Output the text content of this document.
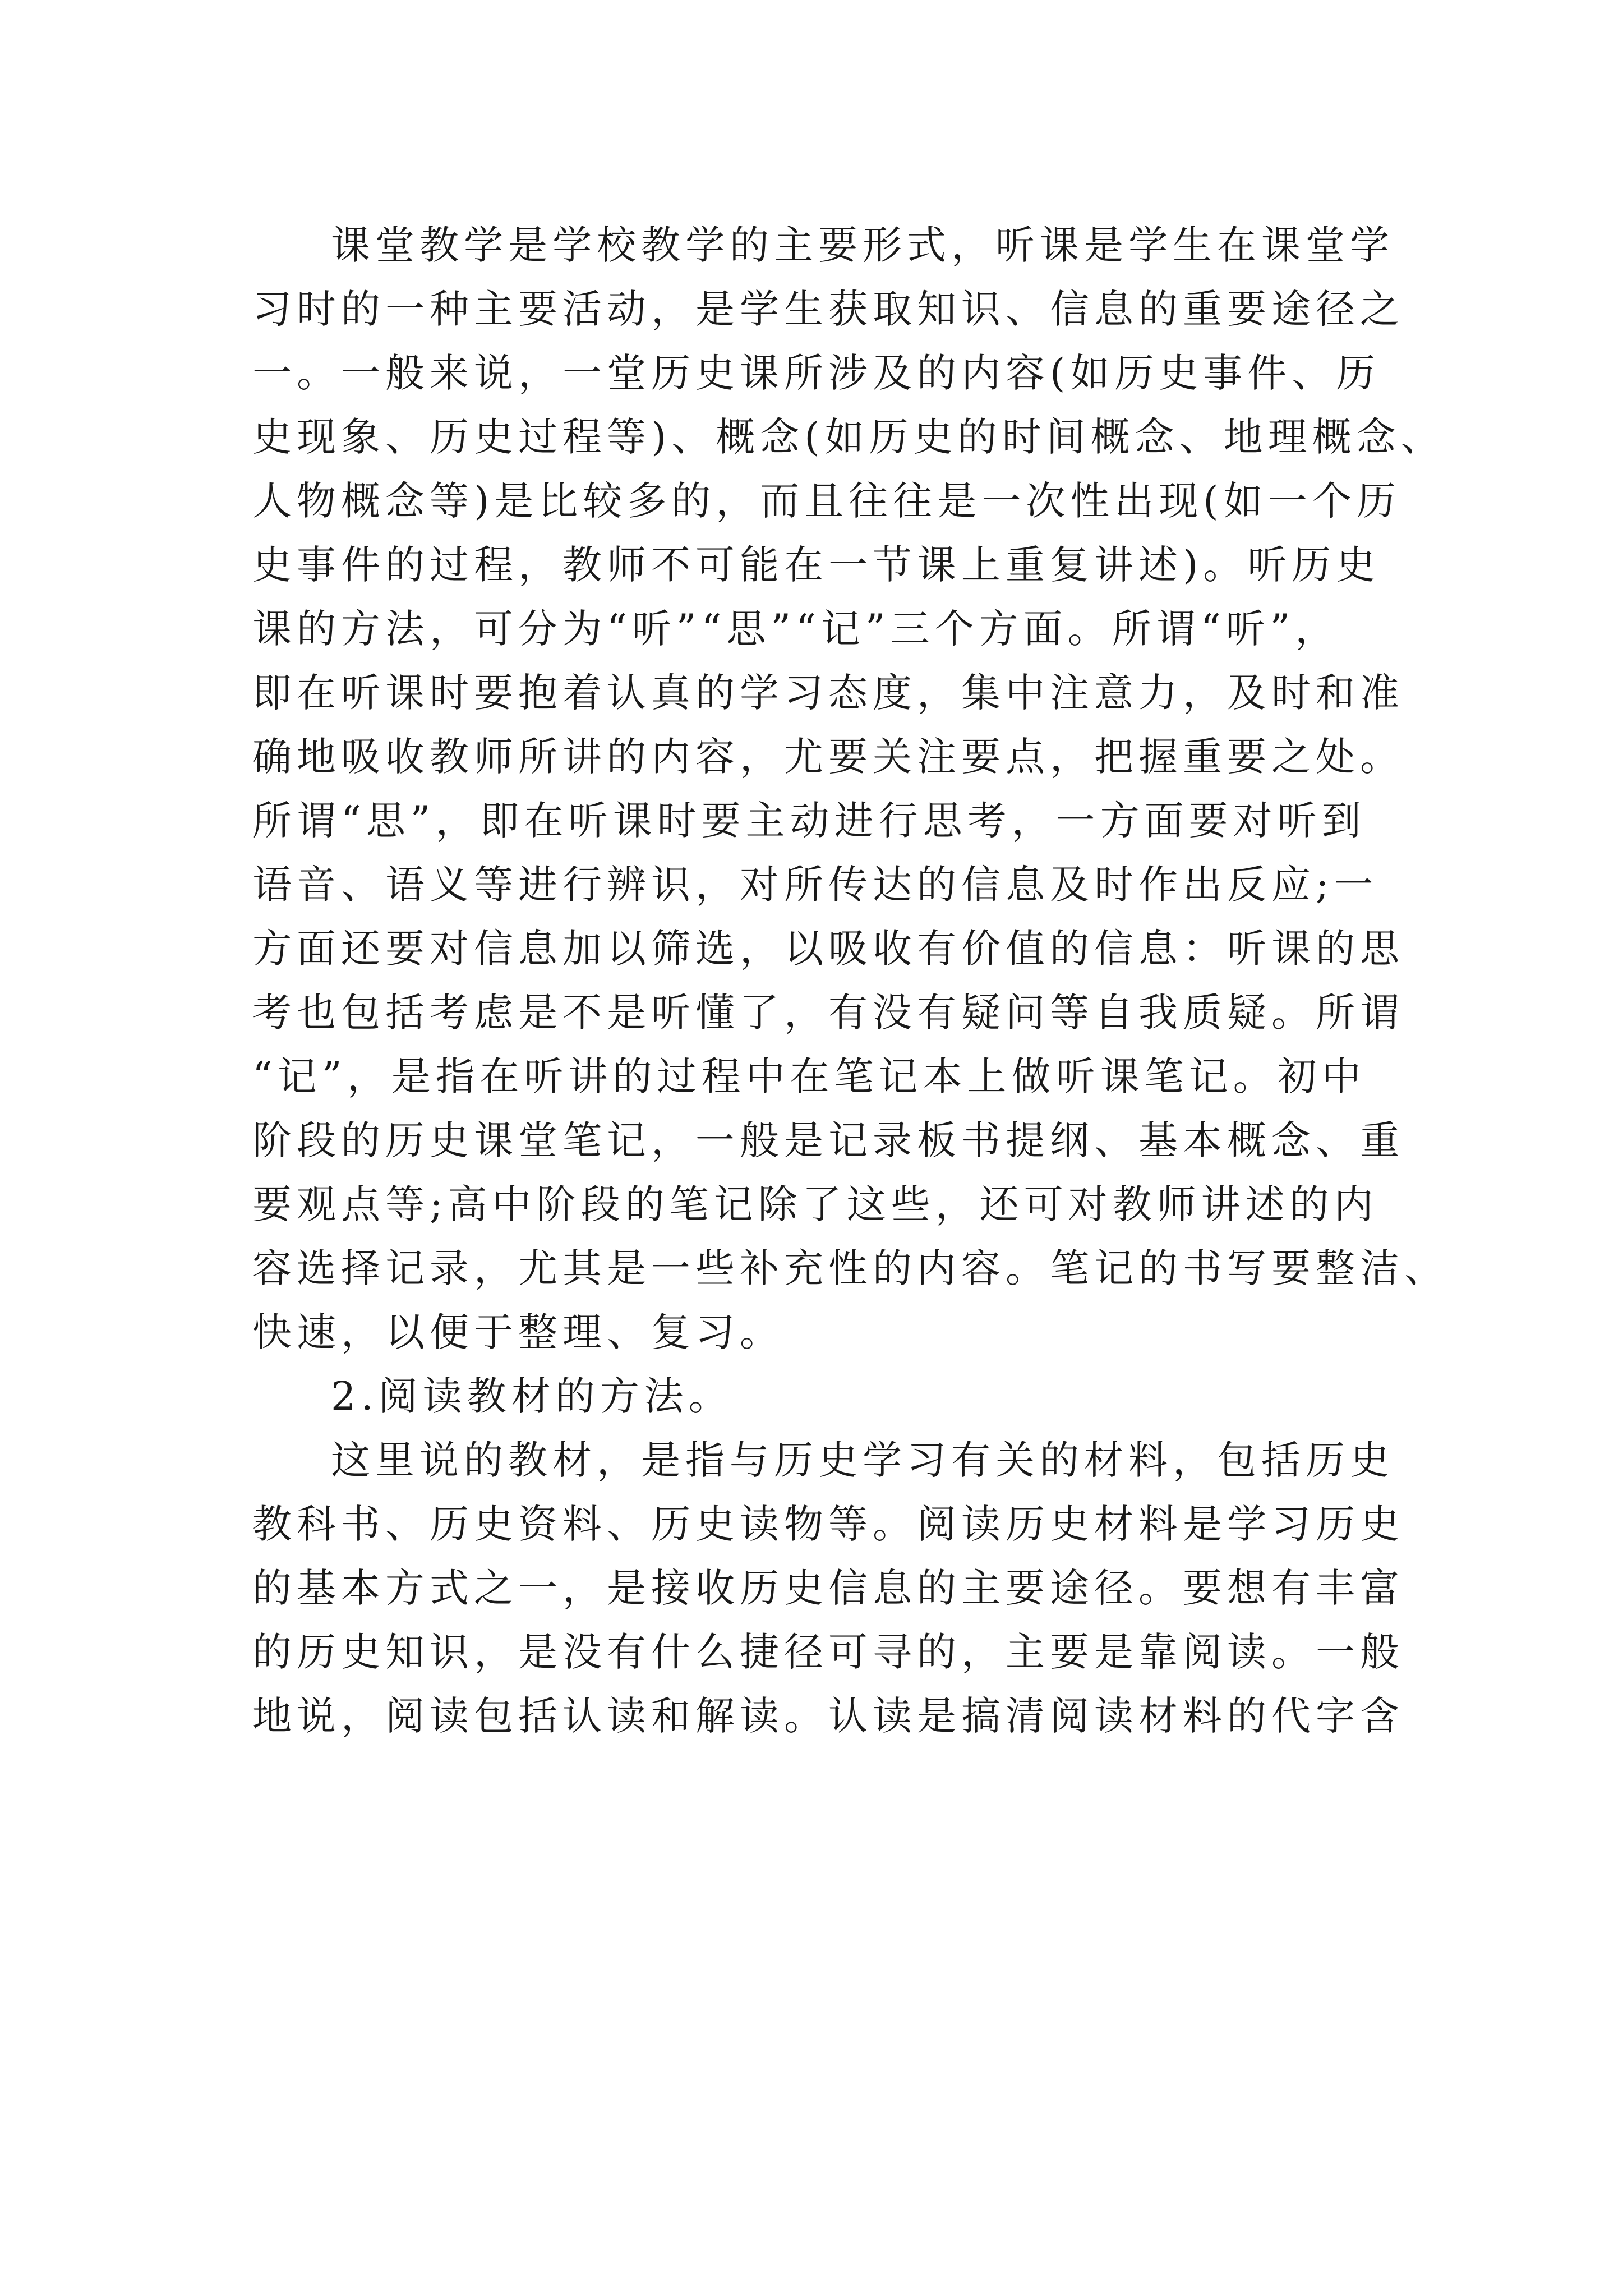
课堂教学是学校教学的主要形式，听课是学生在课堂学
习时的一种主要活动，是学生获取知识、信息的重要途径之
一。一般来说，一堂历史课所涉及的内容(如历史事件、历
史现象、历史过程等)、概念(如历史的时间概念、地理概念、
人物概念等)是比较多的，而且往往是一次性出现(如一个历
史事件的过程，教师不可能在一节课上重复讲述)。听历史
课的方法，可分为“听”“思”“记”三个方面。所谓“听”，
即在听课时要抱着认真的学习态度，集中注意力，及时和准
确地吸收教师所讲的内容，尤要关注要点，把握重要之处。
所谓“思”，即在听课时要主动进行思考，一方面要对听到
语音、语义等进行辨识，对所传达的信息及时作出反应;一
方面还要对信息加以筛选，以吸收有价值的信息：听课的思
考也包括考虑是不是听懂了，有没有疑问等自我质疑。所谓
“记”，是指在听讲的过程中在笔记本上做听课笔记。初中
阶段的历史课堂笔记，一般是记录板书提纲、基本概念、重
要观点等;高中阶段的笔记除了这些，还可对教师讲述的内
容选择记录，尤其是一些补充性的内容。笔记的书写要整洁、
快速，以便于整理、复习。
2.阅读教材的方法。
这里说的教材，是指与历史学习有关的材料，包括历史
教科书、历史资料、历史读物等。阅读历史材料是学习历史
的基本方式之一，是接收历史信息的主要途径。要想有丰富
的历史知识，是没有什么捷径可寻的，主要是靠阅读。一般
地说，阅读包括认读和解读。认读是搞清阅读材料的代字含
